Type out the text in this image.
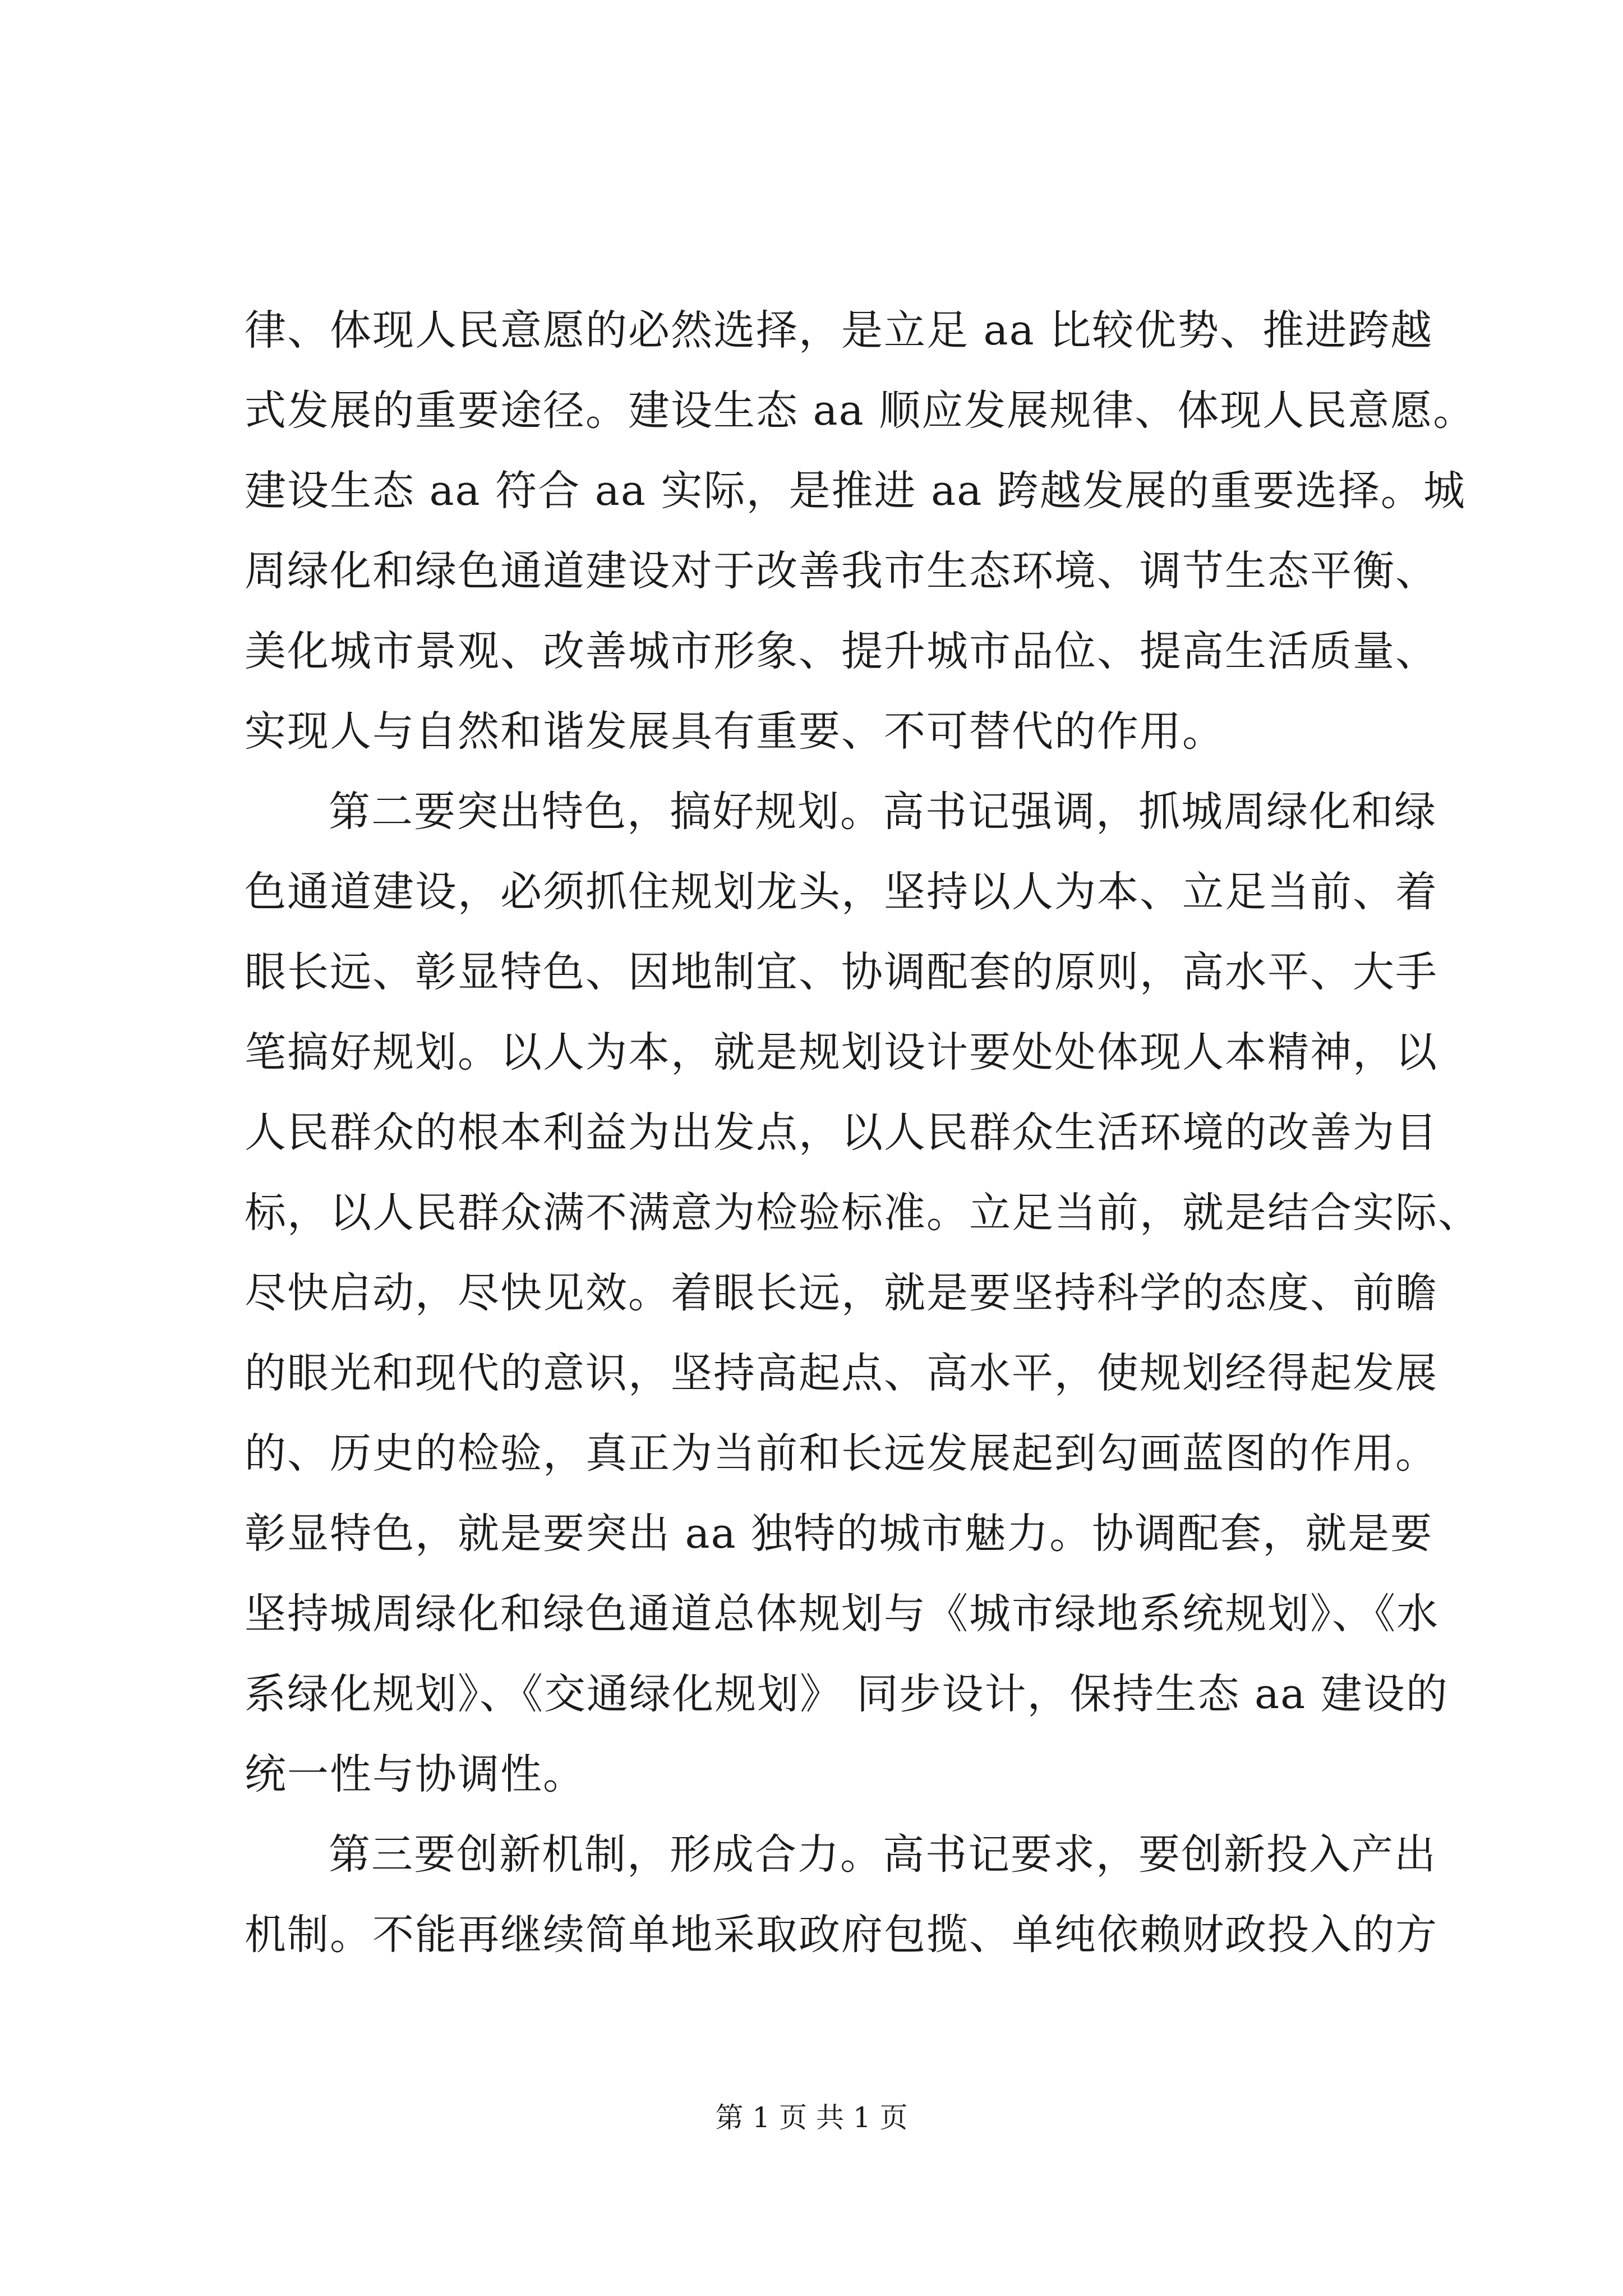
律、体现人民意愿的必然选择，是立足 aa 比较优势、推进跨越
式发展的重要途径。建设生态 aa 顺应发展规律、体现人民意愿。
建设生态 aa 符合 aa 实际，是推进 aa 跨越发展的重要选择。城
周绿化和绿色通道建设对于改善我市生态环境、调节生态平衡、
美化城市景观、改善城市形象、提升城市品位、提高生活质量、
实现人与自然和谐发展具有重要、不可替代的作用。
第二要突出特色，搞好规划。高书记强调，抓城周绿化和绿
色通道建设，必须抓住规划龙头，坚持以人为本、立足当前、着
眼长远、彰显特色、因地制宜、协调配套的原则，高水平、大手
笔搞好规划。以人为本，就是规划设计要处处体现人本精神，以
人民群众的根本利益为出发点，以人民群众生活环境的改善为目
标，以人民群众满不满意为检验标准。立足当前，就是结合实际、
尽快启动，尽快见效。着眼长远，就是要坚持科学的态度、前瞻
的眼光和现代的意识，坚持高起点、高水平，使规划经得起发展
的、历史的检验，真正为当前和长远发展起到勾画蓝图的作用。
彰显特色，就是要突出 aa 独特的城市魅力。协调配套，就是要
坚持城周绿化和绿色通道总体规划与《城市绿地系统规划》、《水
系绿化规划》、《交通绿化规划》 同步设计，保持生态 aa 建设的
统一性与协调性。
第三要创新机制，形成合力。高书记要求，要创新投入产出
机制。不能再继续简单地采取政府包揽、单纯依赖财政投入的方
第 1 页 共 1 页
